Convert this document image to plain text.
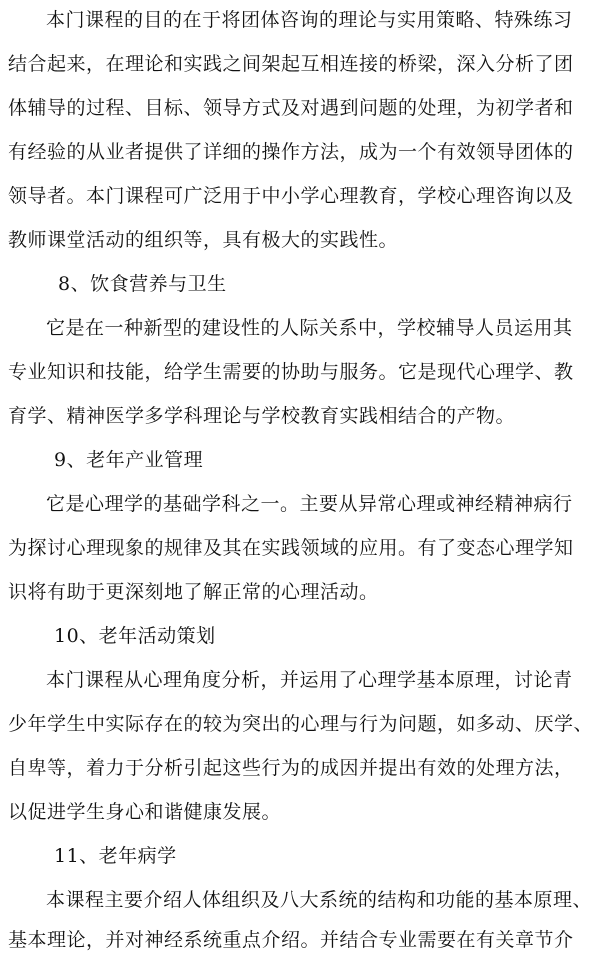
本门课程的目的在于将团体咨询的理论与实用策略、特殊练习
结合起来，在理论和实践之间架起互相连接的桥梁，深入分析了团
体辅导的过程、目标、领导方式及对遇到问题的处理，为初学者和
有经验的从业者提供了详细的操作方法，成为一个有效领导团体的
领导者。本门课程可广泛用于中小学心理教育，学校心理咨询以及
教师课堂活动的组织等，具有极大的实践性。
8、饮食营养与卫生
它是在一种新型的建设性的人际关系中，学校辅导人员运用其
专业知识和技能，给学生需要的协助与服务。它是现代心理学、教
育学、精神医学多学科理论与学校教育实践相结合的产物。
9、老年产业管理
它是心理学的基础学科之一。主要从异常心理或神经精神病行
为探讨心理现象的规律及其在实践领域的应用。有了变态心理学知
识将有助于更深刻地了解正常的心理活动。
10、老年活动策划
本门课程从心理角度分析，并运用了心理学基本原理，讨论青
少年学生中实际存在的较为突出的心理与行为问题，如多动、厌学、
自卑等，着力于分析引起这些行为的成因并提出有效的处理方法，
以促进学生身心和谐健康发展。
11、老年病学
本课程主要介绍人体组织及八大系统的结构和功能的基本原理、
基本理论，并对神经系统重点介绍。并结合专业需要在有关章节介
